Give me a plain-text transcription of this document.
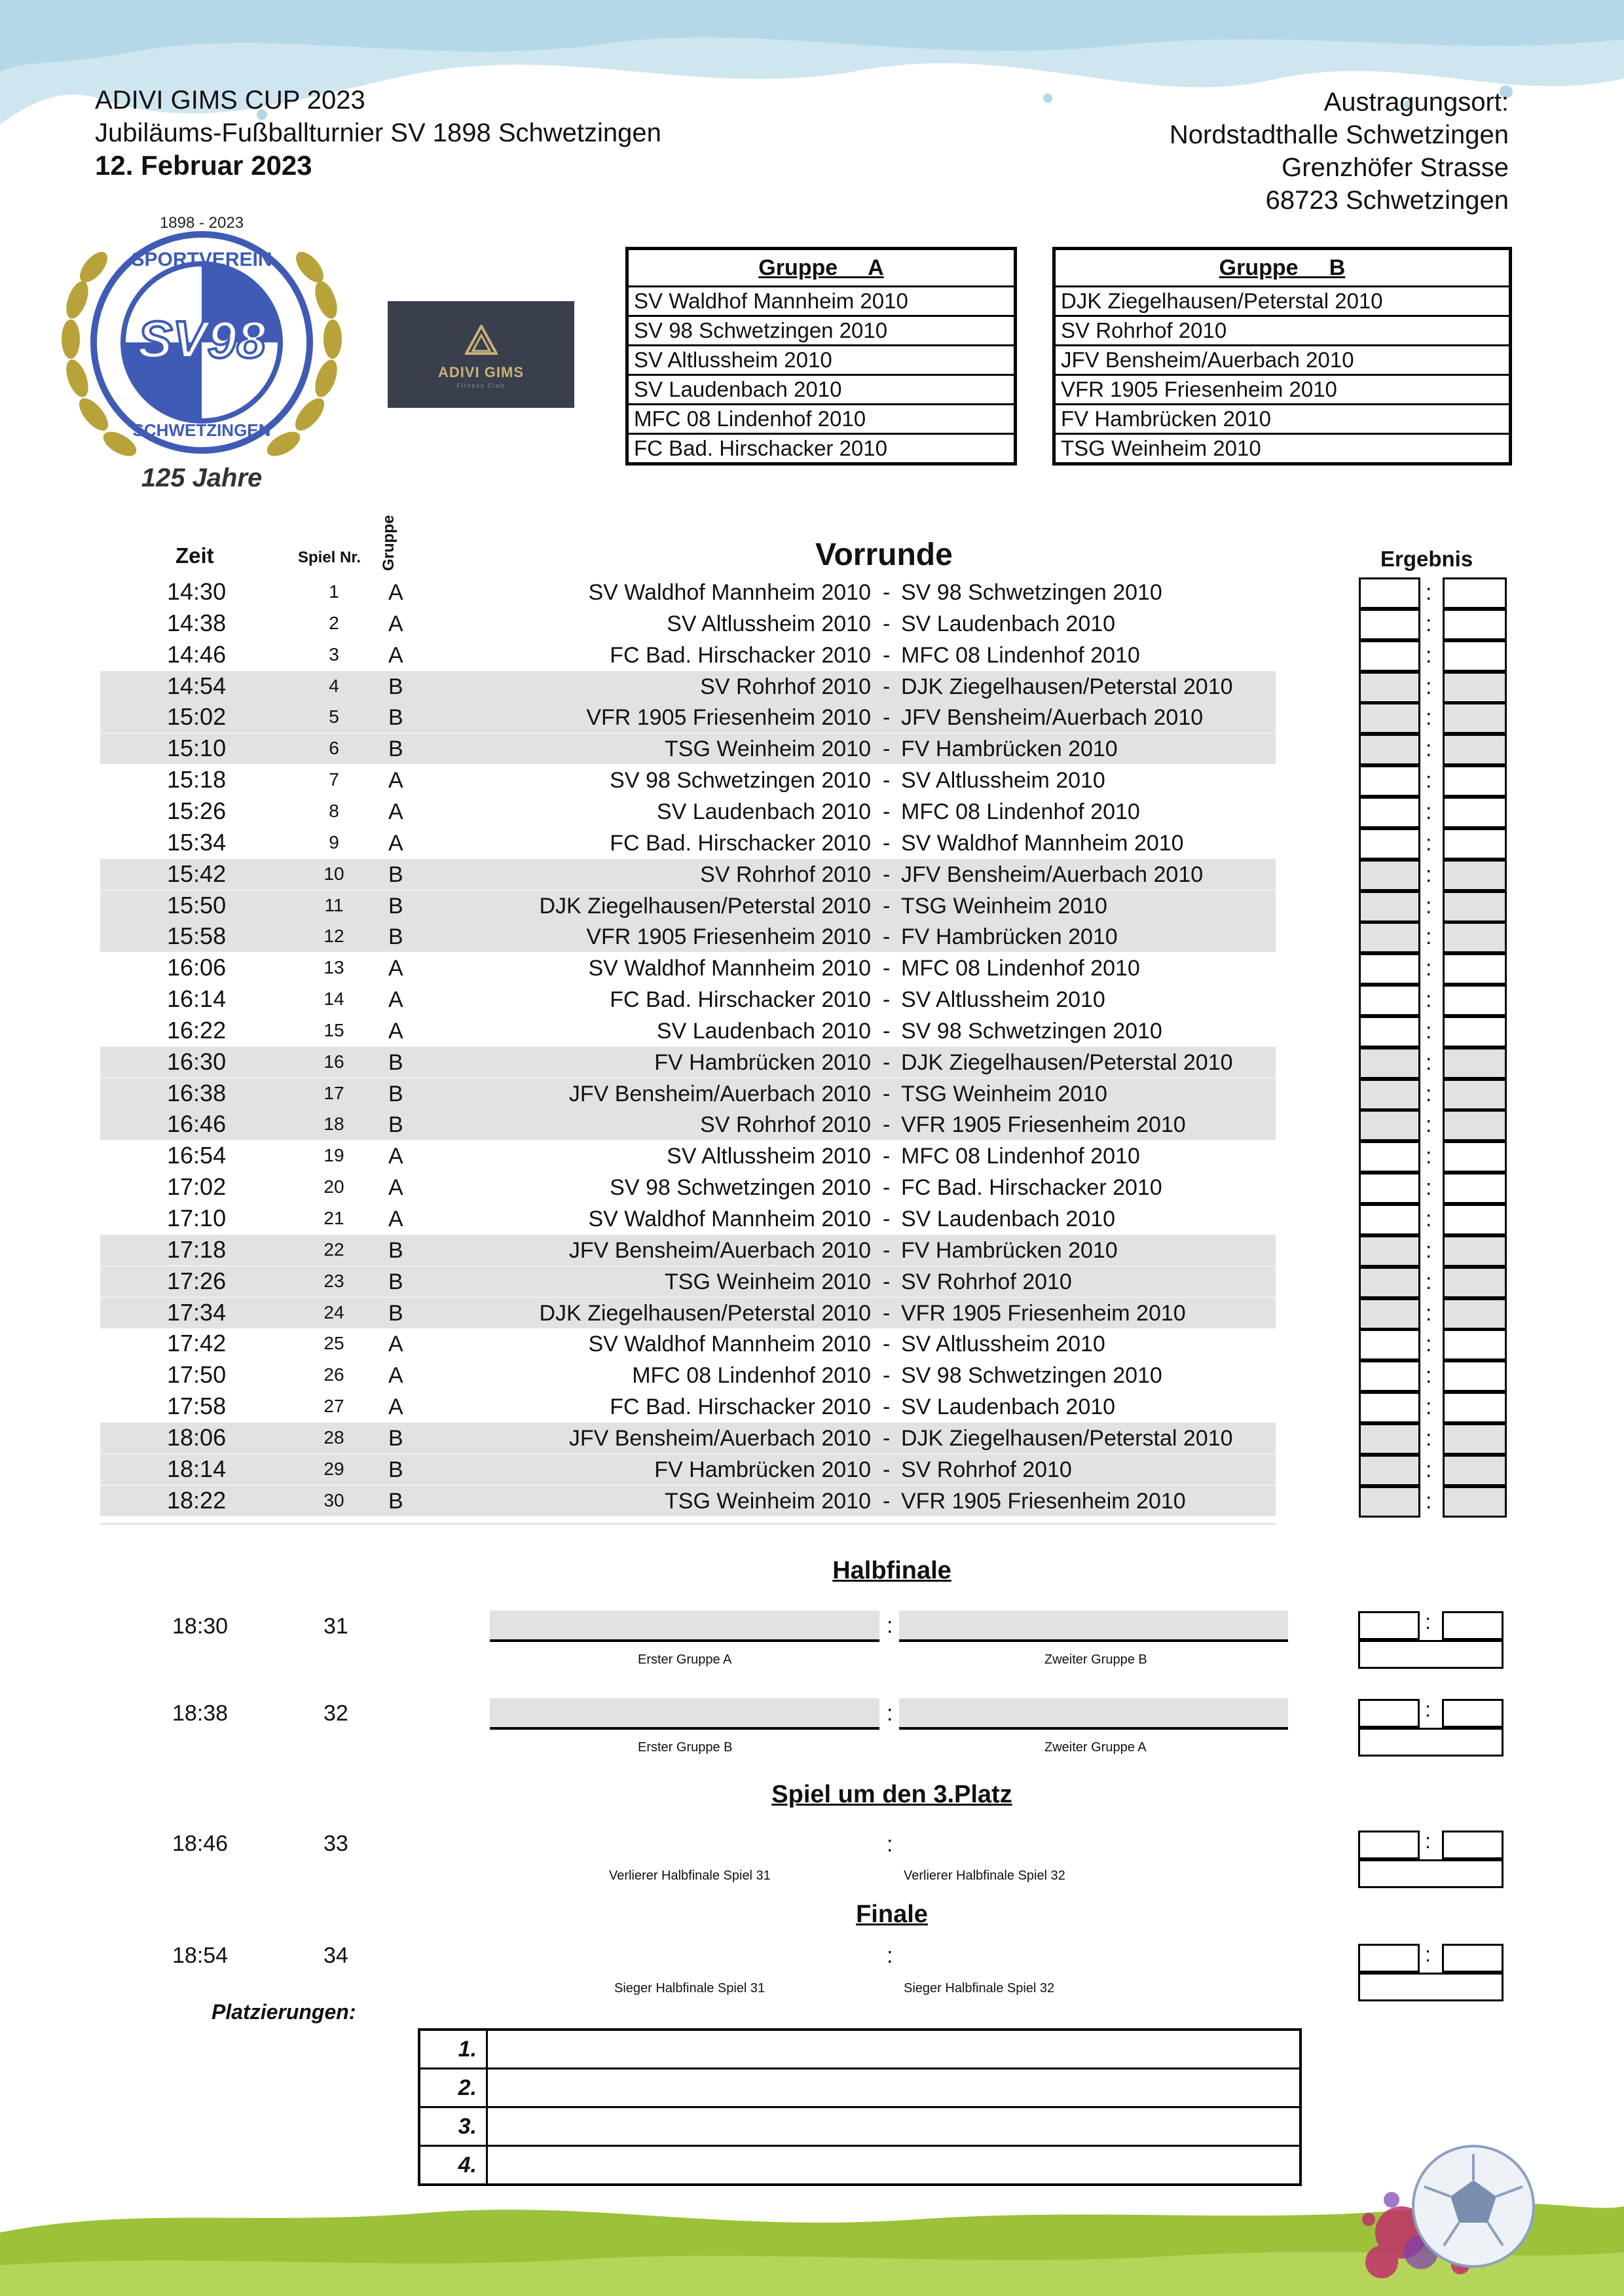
ADIVI GIMS CUP 2023
Jubiläums-Fußballturnier SV 1898 Schwetzingen
12. Februar 2023
Austragungsort:
Nordstadthalle Schwetzingen
Grenzhöfer Strasse
68723 Schwetzingen
1898 - 2023
SPORTVEREIN
SV98
SCHWETZINGEN
125 Jahre
ADIVI GIMS
Fitness Club
Gruppe     A
SV Waldhof Mannheim 2010
SV 98 Schwetzingen 2010
SV Altlussheim 2010
SV Laudenbach 2010
MFC 08 Lindenhof 2010
FC Bad. Hirschacker 2010
Gruppe     B
DJK Ziegelhausen/Peterstal 2010
SV Rohrhof 2010
JFV Bensheim/Auerbach 2010
VFR 1905 Friesenheim 2010
FV Hambrücken 2010
TSG Weinheim 2010
Zeit	Spiel Nr. Gruppe	Vorrunde	Ergebnis
14:30	1	A	SV Waldhof Mannheim 2010 - SV 98 Schwetzingen 2010	:
14:38	2	A	SV Altlussheim 2010 - SV Laudenbach 2010	:
14:46	3	A	FC Bad. Hirschacker 2010 - MFC 08 Lindenhof 2010	:
14:54	4	B	SV Rohrhof 2010 - DJK Ziegelhausen/Peterstal 2010	:
15:02	5	B	VFR 1905 Friesenheim 2010 - JFV Bensheim/Auerbach 2010	:
15:10	6	B	TSG Weinheim 2010 - FV Hambrücken 2010	:
15:18	7	A	SV 98 Schwetzingen 2010 - SV Altlussheim 2010	:
15:26	8	A	SV Laudenbach 2010 - MFC 08 Lindenhof 2010	:
15:34	9	A	FC Bad. Hirschacker 2010 - SV Waldhof Mannheim 2010	:
15:42	10 B	SV Rohrhof 2010 - JFV Bensheim/Auerbach 2010	:
15:50	11 B	DJK Ziegelhausen/Peterstal 2010 - TSG Weinheim 2010	:
15:58	12 B	VFR 1905 Friesenheim 2010 - FV Hambrücken 2010	:
16:06	13 A	SV Waldhof Mannheim 2010 - MFC 08 Lindenhof 2010	:
16:14	14 A	FC Bad. Hirschacker 2010 - SV Altlussheim 2010	:
16:22	15 A	SV Laudenbach 2010 - SV 98 Schwetzingen 2010	:
16:30	16 B	FV Hambrücken 2010 - DJK Ziegelhausen/Peterstal 2010	:
16:38	17 B	JFV Bensheim/Auerbach 2010 - TSG Weinheim 2010	:
16:46	18 B	SV Rohrhof 2010 - VFR 1905 Friesenheim 2010	:
16:54	19 A	SV Altlussheim 2010 - MFC 08 Lindenhof 2010	:
17:02	20 A	SV 98 Schwetzingen 2010 - FC Bad. Hirschacker 2010	:
17:10	21 A	SV Waldhof Mannheim 2010 - SV Laudenbach 2010	:
17:18	22 B	JFV Bensheim/Auerbach 2010 - FV Hambrücken 2010	:
17:26	23 B	TSG Weinheim 2010 - SV Rohrhof 2010	:
17:34	24 B	DJK Ziegelhausen/Peterstal 2010 - VFR 1905 Friesenheim 2010	:
17:42	25 A	SV Waldhof Mannheim 2010 - SV Altlussheim 2010	:
17:50	26 A	MFC 08 Lindenhof 2010 - SV 98 Schwetzingen 2010	:
17:58	27 A	FC Bad. Hirschacker 2010 - SV Laudenbach 2010	:
18:06	28 B	JFV Bensheim/Auerbach 2010 - DJK Ziegelhausen/Peterstal 2010	:
18:14	29 B	FV Hambrücken 2010 - SV Rohrhof 2010	:
18:22	30 B	TSG Weinheim 2010 - VFR 1905 Friesenheim 2010	:
Halbfinale
18:30	31	:
Erster Gruppe A	Zweiter Gruppe B
:
18:38	32	:
Erster Gruppe B	Zweiter Gruppe A
:
Spiel um den 3.Platz
18:46	33	:
Verlierer Halbfinale Spiel 31	Verlierer Halbfinale Spiel 32
:
Finale
18:54	34	:
Sieger Halbfinale Spiel 31	Sieger Halbfinale Spiel 32
:
Platzierungen:
1.
2.
3.
4.
